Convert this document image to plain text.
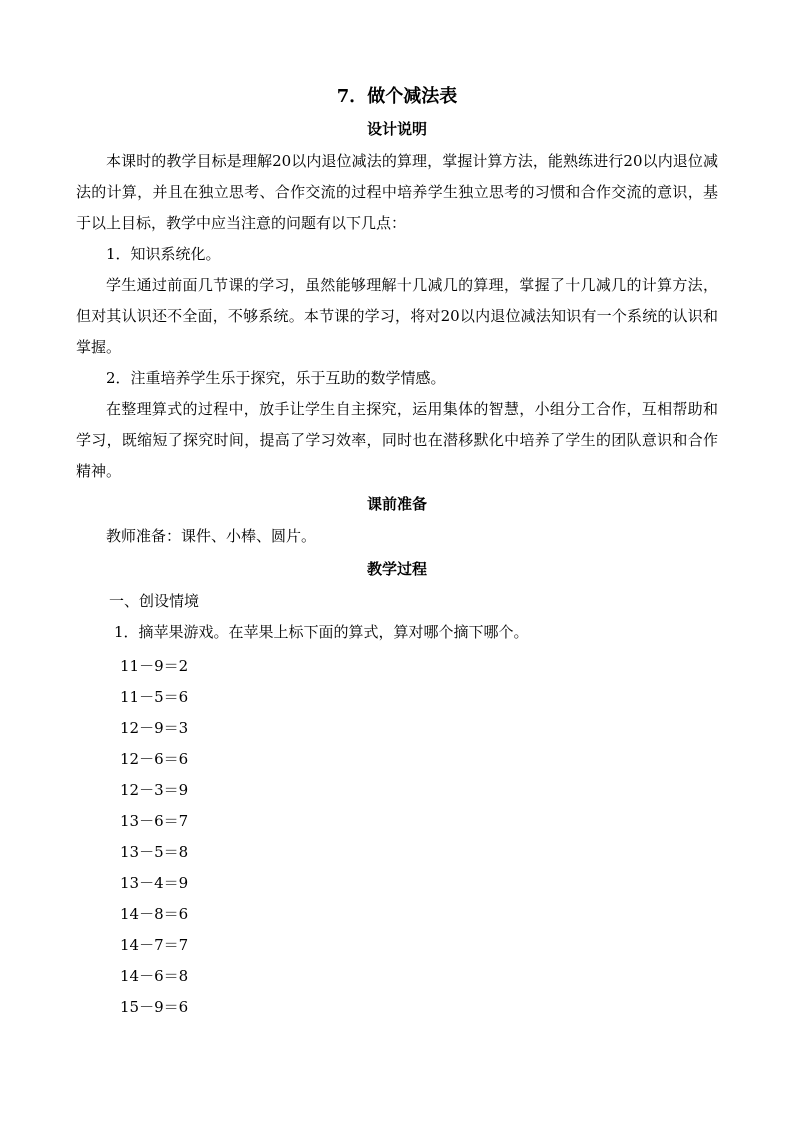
7．做个减法表
设计说明

本课时的教学目标是理解20以内退位减法的算理，掌握计算方法，能熟练进行20以内退位减法的计算，并且在独立思考、合作交流的过程中培养学生独立思考的习惯和合作交流的意识，基于以上目标，教学中应当注意的问题有以下几点：

1．知识系统化。

学生通过前面几节课的学习，虽然能够理解十几减几的算理，掌握了十几减几的计算方法，但对其认识还不全面，不够系统。本节课的学习，将对20以内退位减法知识有一个系统的认识和掌握。

2．注重培养学生乐于探究，乐于互助的数学情感。

在整理算式的过程中，放手让学生自主探究，运用集体的智慧，小组分工合作，互相帮助和学习，既缩短了探究时间，提高了学习效率，同时也在潜移默化中培养了学生的团队意识和合作精神。

课前准备

教师准备：课件、小棒、圆片。

教学过程

一、创设情境

1．摘苹果游戏。在苹果上标下面的算式，算对哪个摘下哪个。

11－9＝2
11－5＝6
12－9＝3
12－6＝6
12－3＝9
13－6＝7
13－5＝8
13－4＝9
14－8＝6
14－7＝7
14－6＝8
15－9＝6
